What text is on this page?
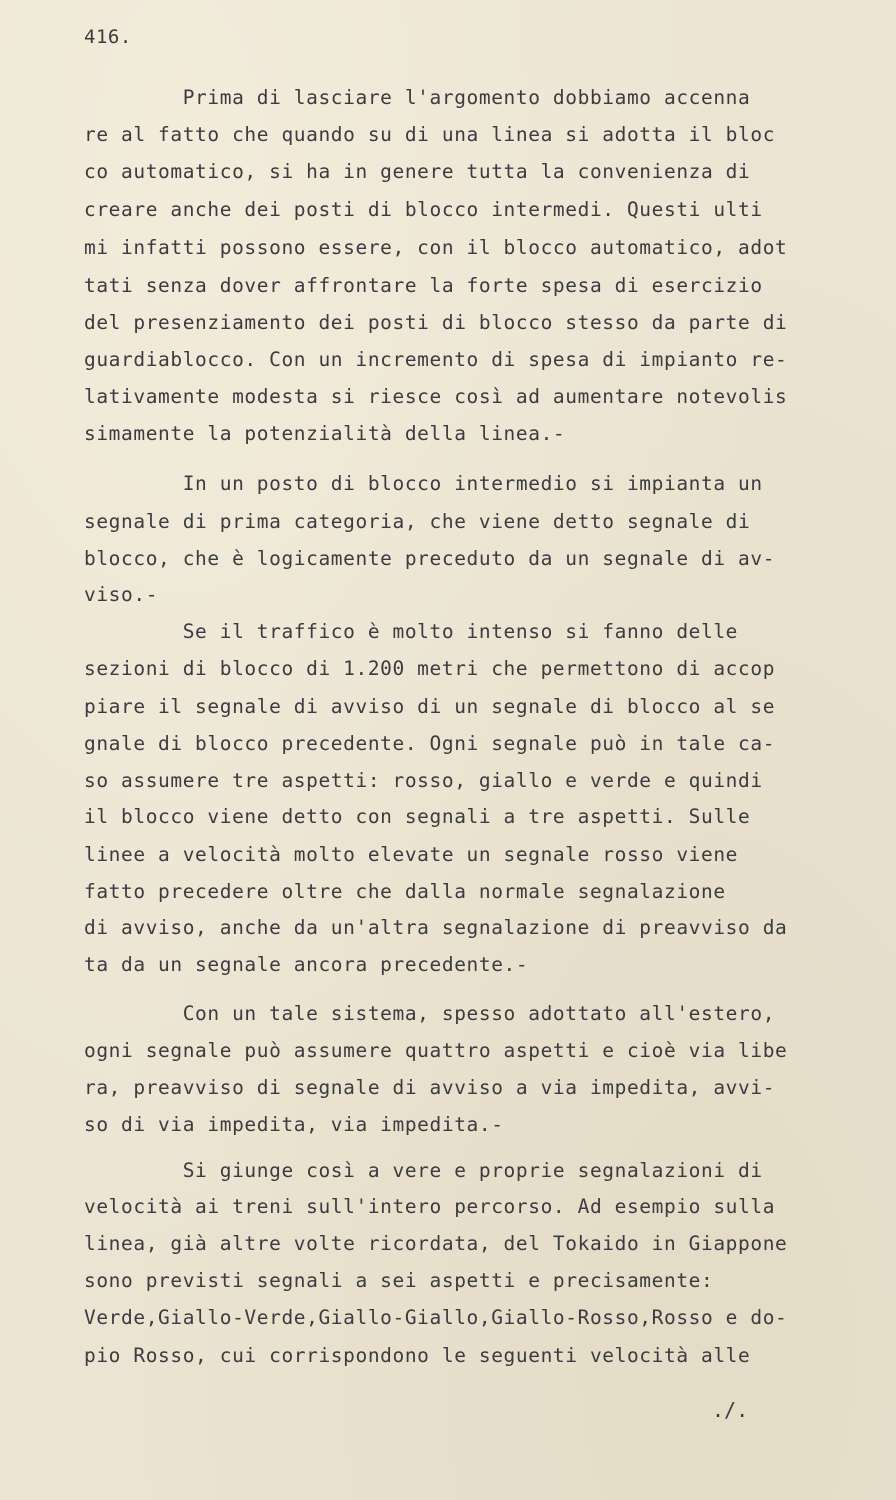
416.
Prima di lasciare l'argomento dobbiamo accenna
re al fatto che quando su di una linea si adotta il bloc
co automatico, si ha in genere tutta la convenienza di
creare anche dei posti di blocco intermedi. Questi ulti
mi infatti possono essere, con il blocco automatico, adot
tati senza dover affrontare la forte spesa di esercizio
del presenziamento dei posti di blocco stesso da parte di
guardiablocco. Con un incremento di spesa di impianto re-
lativamente modesta si riesce così ad aumentare notevolis
simamente la potenzialità della linea.-
In un posto di blocco intermedio si impianta un
segnale di prima categoria, che viene detto segnale di
blocco, che è logicamente preceduto da un segnale di av-
viso.-
Se il traffico è molto intenso si fanno delle
sezioni di blocco di 1.200 metri che permettono di accop
piare il segnale di avviso di un segnale di blocco al se
gnale di blocco precedente. Ogni segnale può in tale ca-
so assumere tre aspetti: rosso, giallo e verde e quindi
il blocco viene detto con segnali a tre aspetti. Sulle
linee a velocità molto elevate un segnale rosso viene
fatto precedere oltre che dalla normale segnalazione
di avviso, anche da un'altra segnalazione di preavviso da
ta da un segnale ancora precedente.-
Con un tale sistema, spesso adottato all'estero,
ogni segnale può assumere quattro aspetti e cioè via libe
ra, preavviso di segnale di avviso a via impedita, avvi-
so di via impedita, via impedita.-
Si giunge così a vere e proprie segnalazioni di
velocità ai treni sull'intero percorso. Ad esempio sulla
linea, già altre volte ricordata, del Tokaido in Giappone
sono previsti segnali a sei aspetti e precisamente:
Verde,Giallo-Verde,Giallo-Giallo,Giallo-Rosso,Rosso e do-
pio Rosso, cui corrispondono le seguenti velocità alle
./.
